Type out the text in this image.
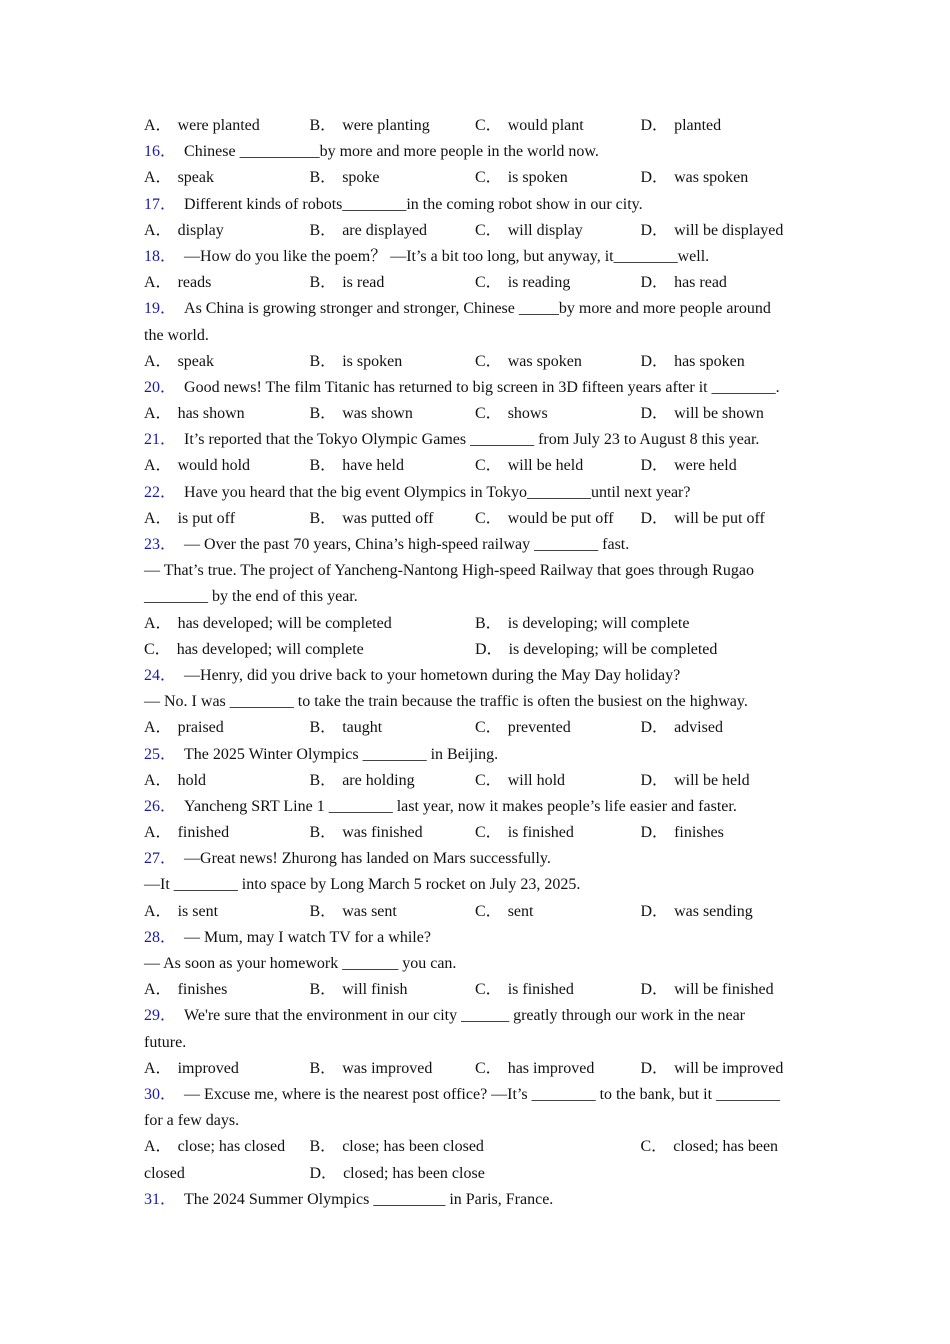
A． were planted	B． were planting	C． would plant	D． planted
16． Chinese __________by more and more people in the world now.
A． speak	B． spoke	C． is spoken	D． was spoken
17． Different kinds of robots________in the coming robot show in our city.
A． display	B． are displayed	C． will display	D． will be displayed
18． —How do you like the poem？ —It’s a bit too long, but anyway, it________well.
A． reads	B． is read	C． is reading	D． has read
19． As China is growing stronger and stronger, Chinese _____by more and more people around
the world.
A． speak	B． is spoken	C． was spoken	D． has spoken
20． Good news! The film Titanic has returned to big screen in 3D fifteen years after it ________.
A． has shown	B． was shown	C． shows	D． will be shown
21． It’s reported that the Tokyo Olympic Games ________ from July 23 to August 8 this year.
A． would hold	B． have held	C． will be held	D． were held
22． Have you heard that the big event Olympics in Tokyo________until next year?
A． is put off	B． was putted off	C． would be put off	D． will be put off
23． — Over the past 70 years, China’s high-speed railway ________ fast.
— That’s true. The project of Yancheng-Nantong High-speed Railway that goes through Rugao
________ by the end of this year.
A． has developed; will be completed	B． is developing; will complete
C． has developed; will complete	D． is developing; will be completed
24． —Henry, did you drive back to your hometown during the May Day holiday?
— No. I was ________ to take the train because the traffic is often the busiest on the highway.
A． praised	B． taught	C． prevented	D． advised
25． The 2025 Winter Olympics ________ in Beijing.
A． hold	B． are holding	C． will hold	D． will be held
26． Yancheng SRT Line 1 ________ last year, now it makes people’s life easier and faster.
A． finished	B． was finished	C． is finished	D． finishes
27． —Great news! Zhurong has landed on Mars successfully.
—It ________ into space by Long March 5 rocket on July 23, 2025.
A． is sent	B． was sent	C． sent	D． was sending
28． — Mum, may I watch TV for a while?
— As soon as your homework _______ you can.
A． finishes	B． will finish	C． is finished	D． will be finished
29． We're sure that the environment in our city ______ greatly through our work in the near
future.
A． improved	B． was improved	C． has improved	D． will be improved
30． — Excuse me, where is the nearest post office? —It’s ________ to the bank, but it ________
for a few days.
A． close; has closed	B． close; has been closed	C． closed; has been
closed	D． closed; has been close
31． The 2024 Summer Olympics _________ in Paris, France.
